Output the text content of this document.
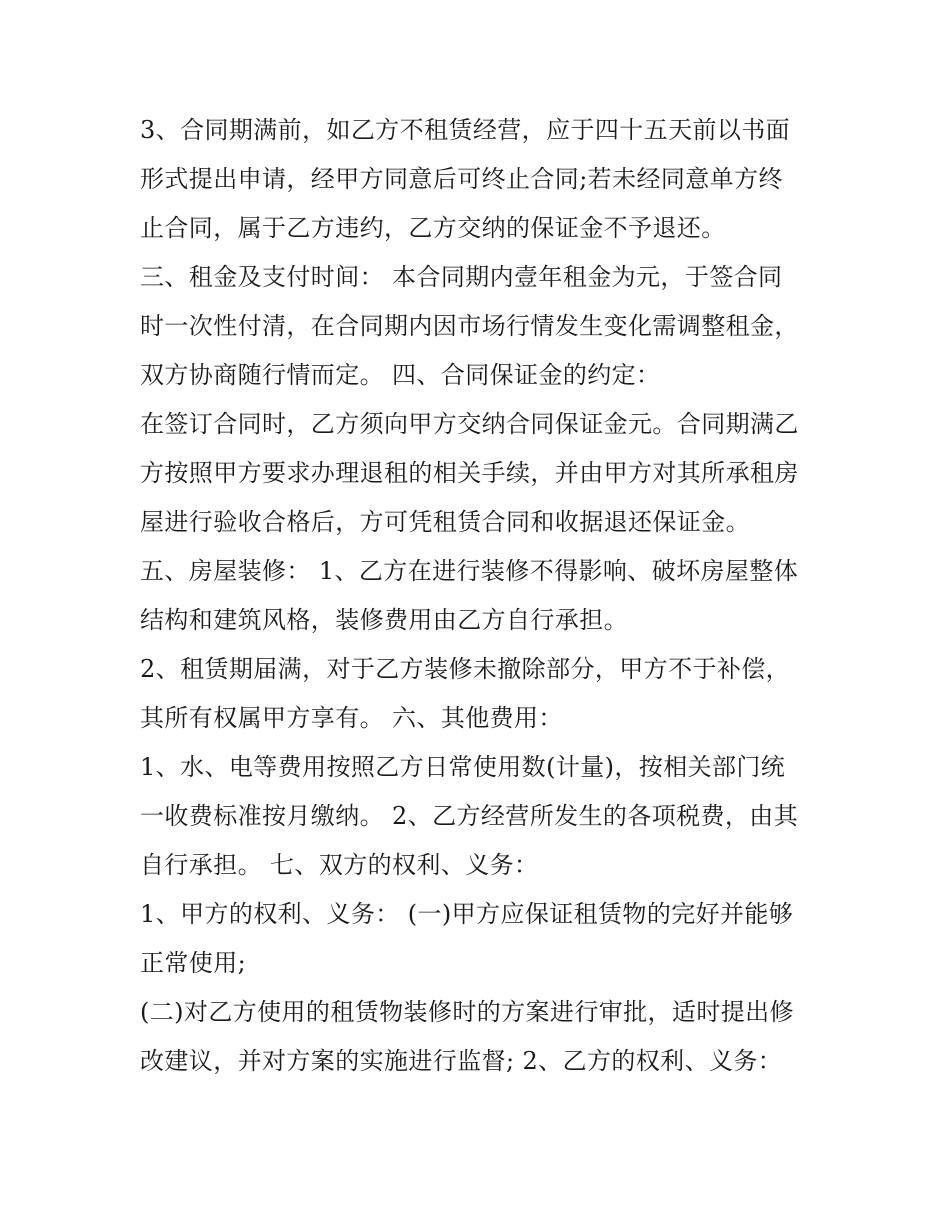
3、合同期满前，如乙方不租赁经营，应于四十五天前以书面
形式提出申请，经甲方同意后可终止合同;若未经同意单方终
止合同，属于乙方违约，乙方交纳的保证金不予退还。
三、租金及支付时间： 本合同期内壹年租金为元，于签合同
时一次性付清，在合同期内因市场行情发生变化需调整租金，
双方协商随行情而定。 四、合同保证金的约定：
在签订合同时，乙方须向甲方交纳合同保证金元。合同期满乙
方按照甲方要求办理退租的相关手续，并由甲方对其所承租房
屋进行验收合格后，方可凭租赁合同和收据退还保证金。
五、房屋装修： 1、乙方在进行装修不得影响、破坏房屋整体
结构和建筑风格，装修费用由乙方自行承担。
2、租赁期届满，对于乙方装修未撤除部分，甲方不于补偿，
其所有权属甲方享有。 六、其他费用：
1、水、电等费用按照乙方日常使用数(计量)，按相关部门统
一收费标准按月缴纳。 2、乙方经营所发生的各项税费，由其
自行承担。 七、双方的权利、义务：
1、甲方的权利、义务： (一)甲方应保证租赁物的完好并能够
正常使用;
(二)对乙方使用的租赁物装修时的方案进行审批，适时提出修
改建议，并对方案的实施进行监督; 2、乙方的权利、义务：
